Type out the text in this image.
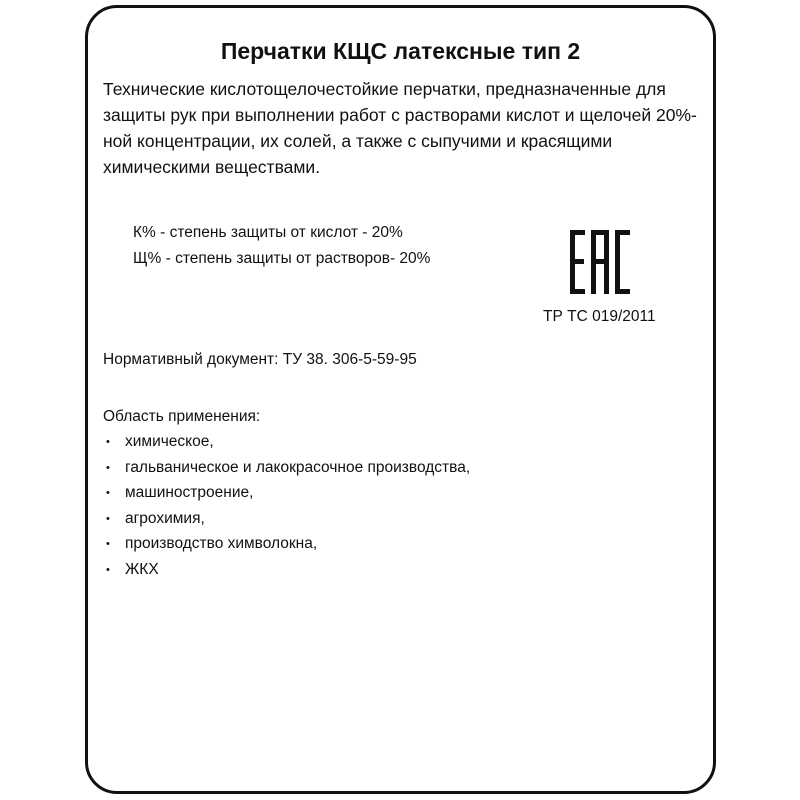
Перчатки КЩС латексные тип 2

Технические кислотощелочестойкие перчатки, предназначенные для защиты рук при выполнении работ с растворами кислот и щелочей 20%-ной концентрации, их солей, а также с сыпучими и красящими химическими веществами.

К% - степень защиты от кислот - 20%
Щ% - степень защиты от растворов- 20%
ТР ТС 019/2011
Нормативный документ: ТУ 38. 306-5-59-95
Область применения:
• химическое,
• гальваническое и лакокрасочное производства,
• машиностроение,
• агрохимия,
• производство химволокна,
• ЖКХ
